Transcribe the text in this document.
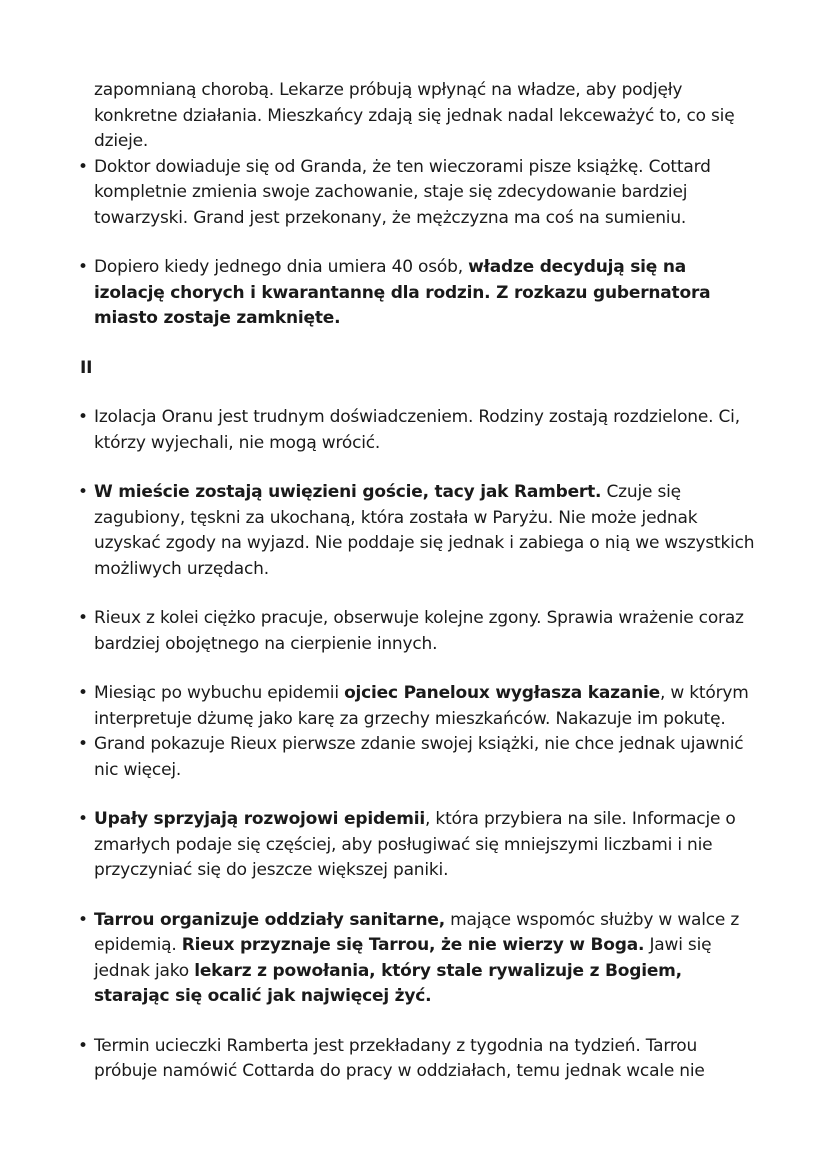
zapomnianą chorobą. Lekarze próbują wpłynąć na władze, aby podjęły konkretne działania. Mieszkańcy zdają się jednak nadal lekceważyć to, co się dzieje.
• Doktor dowiaduje się od Granda, że ten wieczorami pisze książkę. Cottard kompletnie zmienia swoje zachowanie, staje się zdecydowanie bardziej towarzyski. Grand jest przekonany, że mężczyzna ma coś na sumieniu.
• Dopiero kiedy jednego dnia umiera 40 osób, władze decydują się na izolację chorych i kwarantannę dla rodzin. Z rozkazu gubernatora miasto zostaje zamknięte.
II
• Izolacja Oranu jest trudnym doświadczeniem. Rodziny zostają rozdzielone. Ci, którzy wyjechali, nie mogą wrócić.
• W mieście zostają uwięzieni goście, tacy jak Rambert. Czuje się zagubiony, tęskni za ukochaną, która została w Paryżu. Nie może jednak uzyskać zgody na wyjazd. Nie poddaje się jednak i zabiega o nią we wszystkich możliwych urzędach.
• Rieux z kolei ciężko pracuje, obserwuje kolejne zgony. Sprawia wrażenie coraz bardziej obojętnego na cierpienie innych.
• Miesiąc po wybuchu epidemii ojciec Paneloux wygłasza kazanie, w którym interpretuje dżumę jako karę za grzechy mieszkańców. Nakazuje im pokutę.
• Grand pokazuje Rieux pierwsze zdanie swojej książki, nie chce jednak ujawnić nic więcej.
• Upały sprzyjają rozwojowi epidemii, która przybiera na sile. Informacje o zmarłych podaje się częściej, aby posługiwać się mniejszymi liczbami i nie przyczyniać się do jeszcze większej paniki.
• Tarrou organizuje oddziały sanitarne, mające wspomóc służby w walce z epidemią. Rieux przyznaje się Tarrou, że nie wierzy w Boga. Jawi się jednak jako lekarz z powołania, który stale rywalizuje z Bogiem, starając się ocalić jak najwięcej żyć.
• Termin ucieczki Ramberta jest przekładany z tygodnia na tydzień. Tarrou próbuje namówić Cottarda do pracy w oddziałach, temu jednak wcale nie
